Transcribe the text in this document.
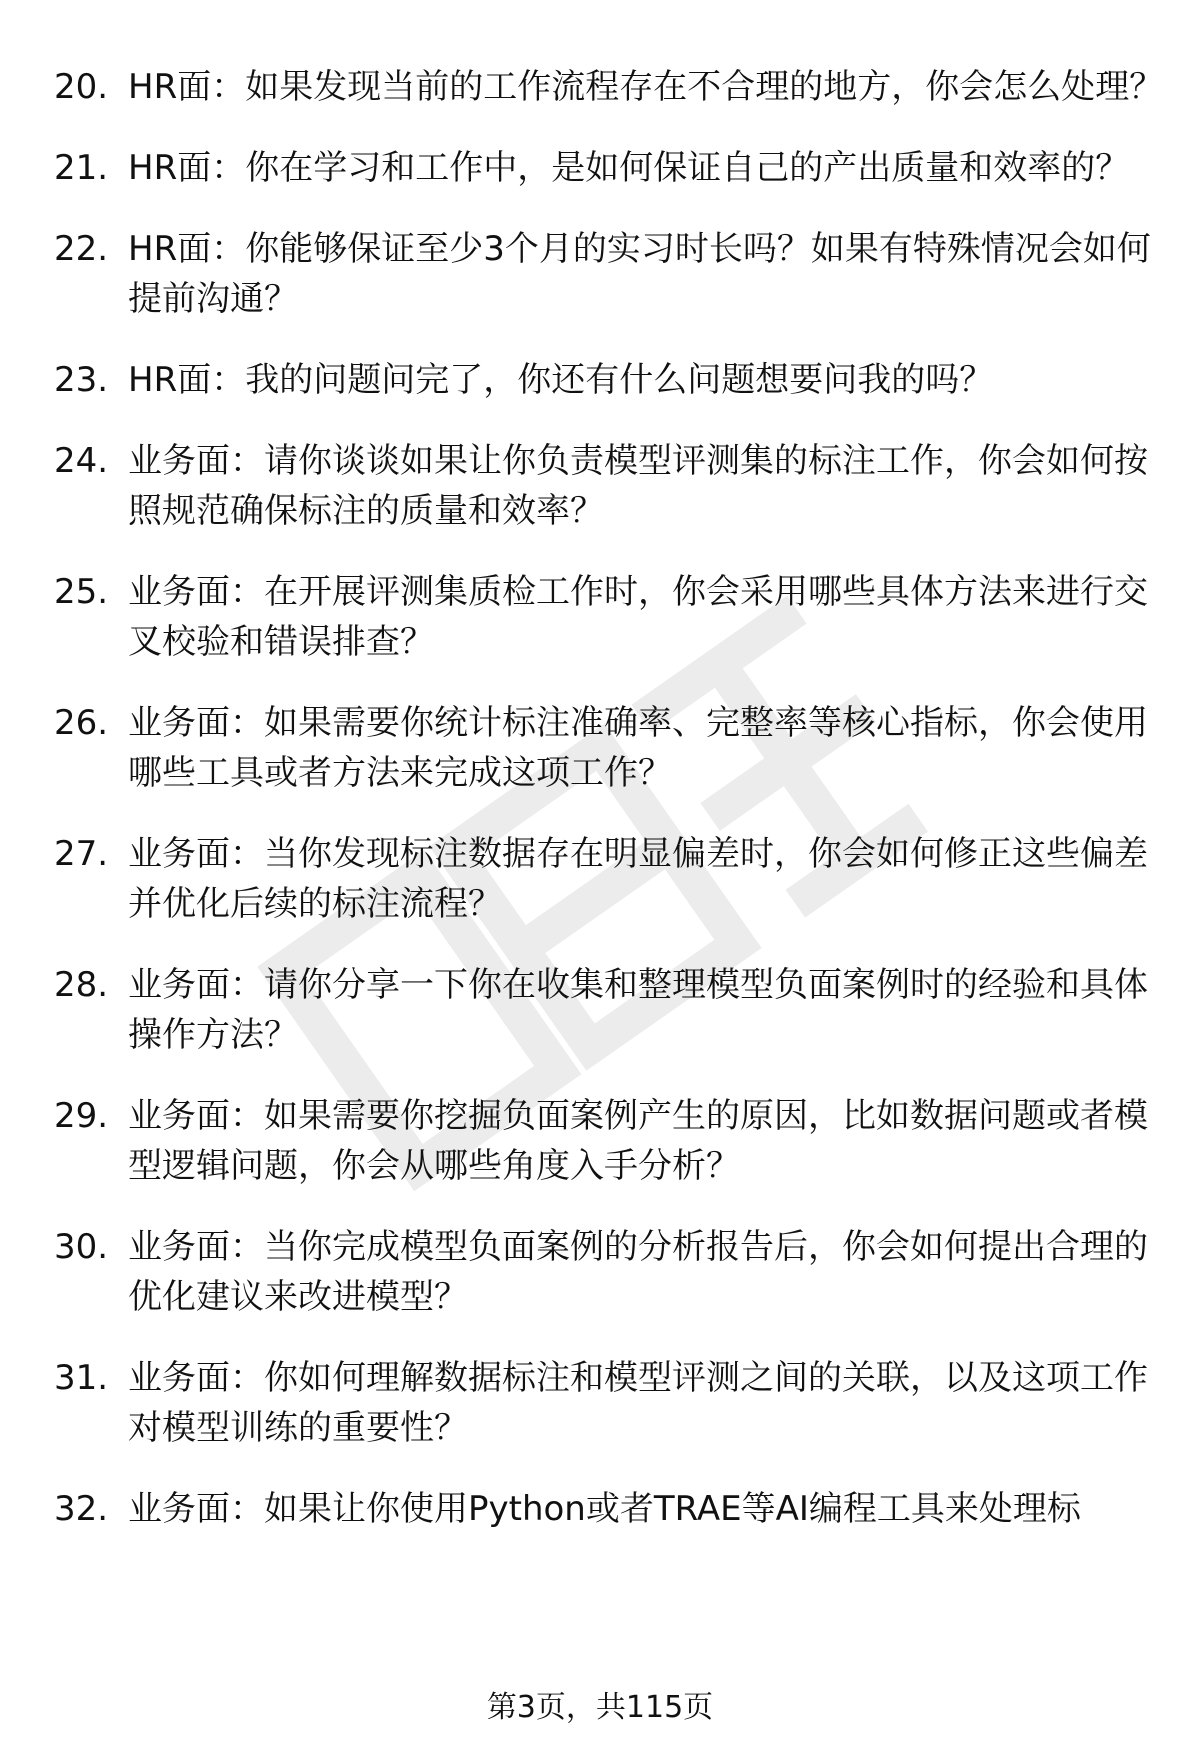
20. HR面：如果发现当前的工作流程存在不合理的地方，你会怎么处理？
21. HR面：你在学习和工作中，是如何保证自己的产出质量和效率的？
22. HR面：你能够保证至少3个月的实习时长吗？如果有特殊情况会如何提前沟通？
23. HR面：我的问题问完了，你还有什么问题想要问我的吗？
24. 业务面：请你谈谈如果让你负责模型评测集的标注工作，你会如何按照规范确保标注的质量和效率？
25. 业务面：在开展评测集质检工作时，你会采用哪些具体方法来进行交叉校验和错误排查？
26. 业务面：如果需要你统计标注准确率、完整率等核心指标，你会使用哪些工具或者方法来完成这项工作？
27. 业务面：当你发现标注数据存在明显偏差时，你会如何修正这些偏差并优化后续的标注流程？
28. 业务面：请你分享一下你在收集和整理模型负面案例时的经验和具体操作方法？
29. 业务面：如果需要你挖掘负面案例产生的原因，比如数据问题或者模型逻辑问题，你会从哪些角度入手分析？
30. 业务面：当你完成模型负面案例的分析报告后，你会如何提出合理的优化建议来改进模型？
31. 业务面：你如何理解数据标注和模型评测之间的关联，以及这项工作对模型训练的重要性？
32. 业务面：如果让你使用Python或者TRAE等AI编程工具来处理标
第3页，共115页
